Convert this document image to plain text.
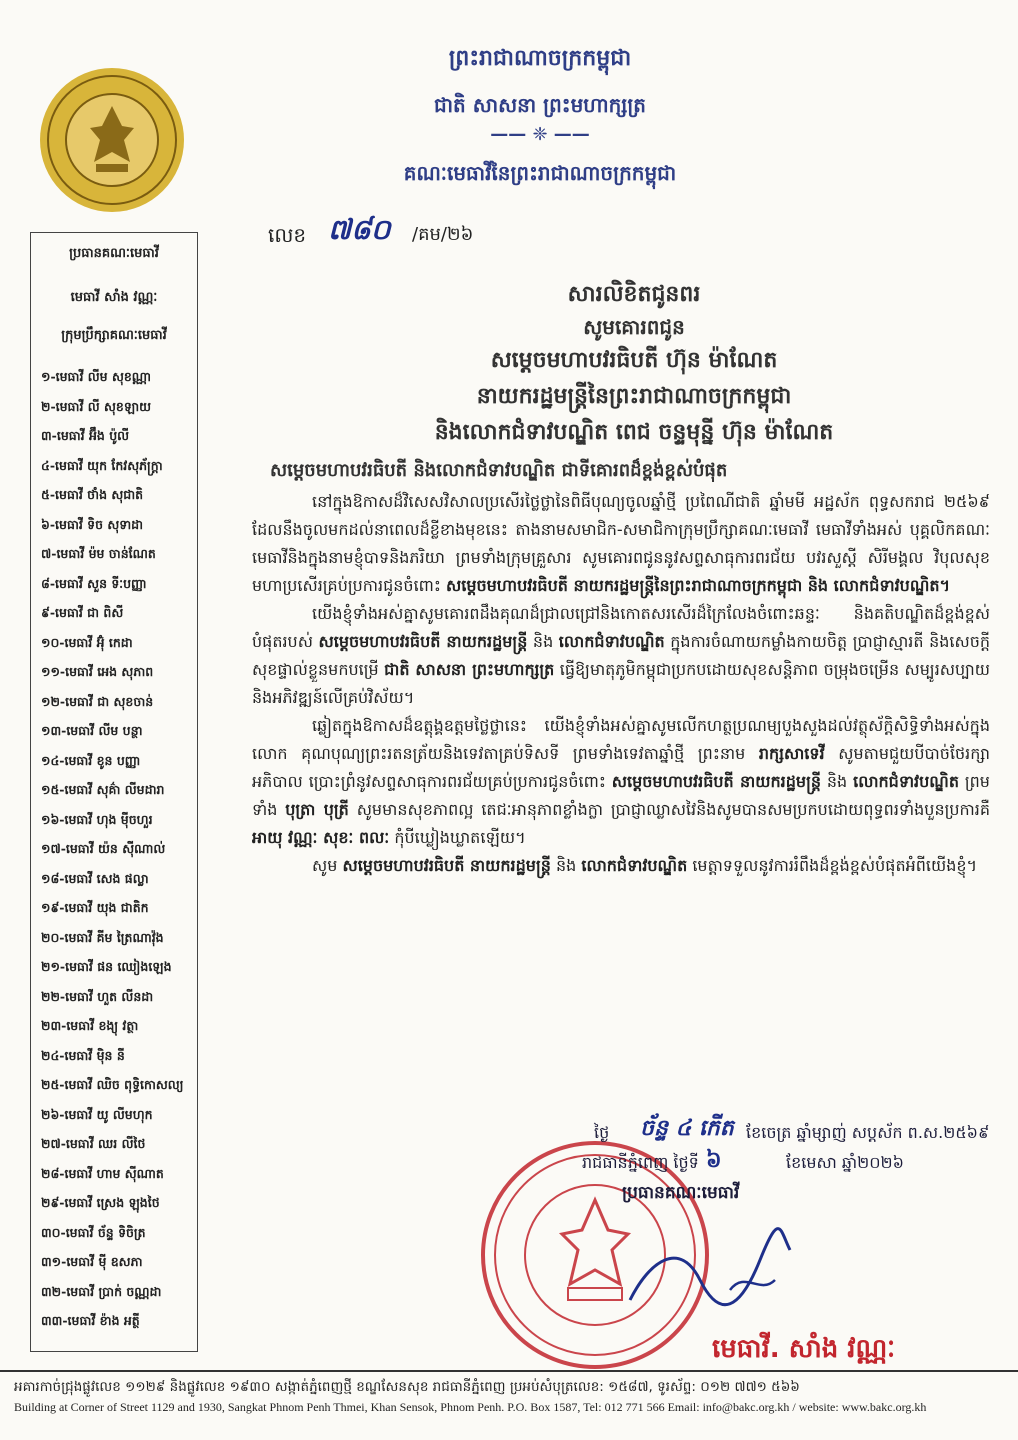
ព្រះរាជាណាចក្រកម្ពុជា
ជាតិ សាសនា ព្រះមហាក្សត្រ
—— ❈ ——
គណៈមេធាវីនៃព្រះរាជាណាចក្រកម្ពុជា
លេខ ៧៨០ /គម/២៦
ប្រធានគណៈមេធាវី
មេធាវី សាំង វណ្ណៈ
ក្រុមប្រឹក្សាគណៈមេធាវី
១-មេធាវី លីម សុខណ្ណា
២-មេធាវី លី សុខឡាយ
៣-មេធាវី អ៊ឹង ប៉ូលី
៤-មេធាវី យុក កែវសុភ័ក្ត្រា
៥-មេធាវី ថាំង សុជាតិ
៦-មេធាវី ទិច សុទាដា
៧-មេធាវី ម៉ម ចាន់ណែត
៨-មេធាវី សួន ទីៈបញ្ញា
៩-មេធាវី ជា ពិសី
១០-មេធាវី អ៊ុំ កេដា
១១-មេធាវី អេង សុភាព
១២-មេធាវី ជា សុខចាន់
១៣-មេធាវី លីម បន្ថា
១៤-មេធាវី ខូន បញ្ញា
១៥-មេធាវី សុគ៌ា លីមដារា
១៦-មេធាវី ហុង ម៉ីចហួរ
១៧-មេធាវី យ៉ន ស៊ីណាល់
១៨-មេធាវី សេង ផល្លា
១៩-មេធាវី យុង ជាតិក
២០-មេធាវី គីម ត្រៃណាវ៉ុង
២១-មេធាវី ផន ឈៀងឡេង
២២-មេធាវី ហួត លីនដា
២៣-មេធាវី ខង្យុ វត្ថា
២៤-មេធាវី ម៉ិន នី
២៥-មេធាវី ឈិច ពុទ្ធិកោសល្យ
២៦-មេធាវី យូ លីមហុក
២៧-មេធាវី ឈរ លីថៃ
២៨-មេធាវី ហាម ស៊ីណាត
២៩-មេធាវី ស្រេង ឡុងថៃ
៣០-មេធាវី ច័ន្ទ ទិចិត្រ
៣១-មេធាវី ម៉ី ឧសភា
៣២-មេធាវី ប្រាក់ ចណ្ណដា
៣៣-មេធាវី ខ៉ាង អត្ថី
សារលិខិតជូនពរ
សូមគោរពជូន
សម្តេចមហាបវរធិបតី ហ៊ុន ម៉ាណែត
នាយករដ្ឋមន្ត្រីនៃព្រះរាជាណាចក្រកម្ពុជា
និងលោកជំទាវបណ្ឌិត ពេជ ចន្ទមុន្នី ហ៊ុន ម៉ាណែត
សម្តេចមហាបវរធិបតី និងលោកជំទាវបណ្ឌិត ជាទីគោរពដ៏ខ្ពង់ខ្ពស់បំផុត

នៅក្នុងឱកាសដ៏វិសេសវិសាលប្រសើរថ្លៃថ្លានៃពិធីបុណ្យចូលឆ្នាំថ្មី ប្រពៃណីជាតិ ឆ្នាំមមី អដ្ឋស័ក ពុទ្ធសករាជ ២៥៦៩ ដែលនឹងចូលមកដល់នាពេលដ៏ខ្លីខាងមុខនេះ តាងនាមសមាជិក-សមាជិកាក្រុមប្រឹក្សាគណៈមេធាវី មេធាវីទាំងអស់ បុគ្គលិកគណៈមេធាវីនិងក្នុងនាមខ្ញុំបាទនិងភរិយា ព្រមទាំងក្រុមគ្រួសារ សូមគោរពជូននូវសព្ទសាធុការពរជ័យ បវរសួស្តី សិរីមង្គល វិបុលសុខ មហាប្រសើរគ្រប់ប្រការជូនចំពោះ សម្តេចមហាបវរធិបតី នាយករដ្ឋមន្ត្រីនៃព្រះរាជាណាចក្រកម្ពុជា និង លោកជំទាវបណ្ឌិត។

យើងខ្ញុំទាំងអស់គ្នាសូមគោរពដឹងគុណដ៏ជ្រាលជ្រៅនិងកោតសរសើរដ៏ក្រៃលែងចំពោះឆន្ទៈ និងគតិបណ្ឌិតដ៏ខ្ពង់ខ្ពស់បំផុតរបស់ សម្តេចមហាបវរធិបតី នាយករដ្ឋមន្ត្រី និង លោកជំទាវបណ្ឌិត ក្នុងការចំណាយកម្លាំងកាយចិត្ត ប្រាជ្ញាស្មារតី និងសេចក្តីសុខផ្ទាល់ខ្លួនមកបម្រើ ជាតិ សាសនា ព្រះមហាក្សត្រ ធ្វើឱ្យមាតុភូមិកម្ពុជាប្រកបដោយសុខសន្តិភាព ចម្រុងចម្រើន សម្បូរសប្បាយនិងអភិវឌ្ឍន៍លើគ្រប់វិស័យ។

ឆ្លៀតក្នុងឱកាសដ៏ឧត្តុង្គឧត្តមថ្លៃថ្លានេះ យើងខ្ញុំទាំងអស់គ្នាសូមលើកហត្ថប្រណម្យបួងសួងដល់វត្ថុស័ក្តិសិទ្ធិទាំងអស់ក្នុងលោក គុណបុណ្យព្រះរតនត្រ័យនិងទេវតាគ្រប់ទិសទី ព្រមទាំងទេវតាឆ្នាំថ្មី ព្រះនាម រាក្សសាទេវី សូមតាមជួយបីបាច់ថែរក្សាអភិបាល ប្រោះព្រំនូវសព្ទសាធុការពរជ័យគ្រប់ប្រការជូនចំពោះ សម្តេចមហាបវរធិបតី នាយករដ្ឋមន្ត្រី និង លោកជំទាវបណ្ឌិត ព្រមទាំង បុត្រា បុត្រី សូមមានសុខភាពល្អ តេជៈអានុភាពខ្លាំងក្លា ប្រាជ្ញាឈ្លាសវៃនិងសូមបានសមប្រកបដោយពុទ្ធពរទាំងបួនប្រការគឺ អាយុ វណ្ណៈ សុខៈ ពលៈ កុំបីឃ្លៀងឃ្លាតឡើយ។

សូម សម្តេចមហាបវរធិបតី នាយករដ្ឋមន្ត្រី និង លោកជំទាវបណ្ឌិត មេត្តាទទួលនូវការរំពឹងដ៏ខ្ពង់ខ្ពស់បំផុតអំពីយើងខ្ញុំ។

ថ្ងៃ ច័ន្ទ ៤ កើត ខែចេត្រ ឆ្នាំម្សាញ់ សប្តស័ក ព.ស.២៥៦៩
រាជធានីភ្នំពេញ ថ្ងៃទី ៦	ខែមេសា ឆ្នាំ២០២៦
ប្រធានគណៈមេធាវី
មេធាវី. សាំង វណ្ណៈ
អគារកាច់ជ្រុងផ្លូវលេខ ១១២៩ និងផ្លូវលេខ ១៩៣០ សង្កាត់ភ្នំពេញថ្មី ខណ្ឌសែនសុខ រាជធានីភ្នំពេញ ប្រអប់សំបុត្រលេខ: ១៥៨៧, ទូរស័ព្ទ: ០១២ ៧៧១ ៥៦៦
Building at Corner of Street 1129 and 1930, Sangkat Phnom Penh Thmei, Khan Sensok, Phnom Penh. P.O. Box 1587, Tel: 012 771 566 Email: info@bakc.org.kh / website: www.bakc.org.kh
